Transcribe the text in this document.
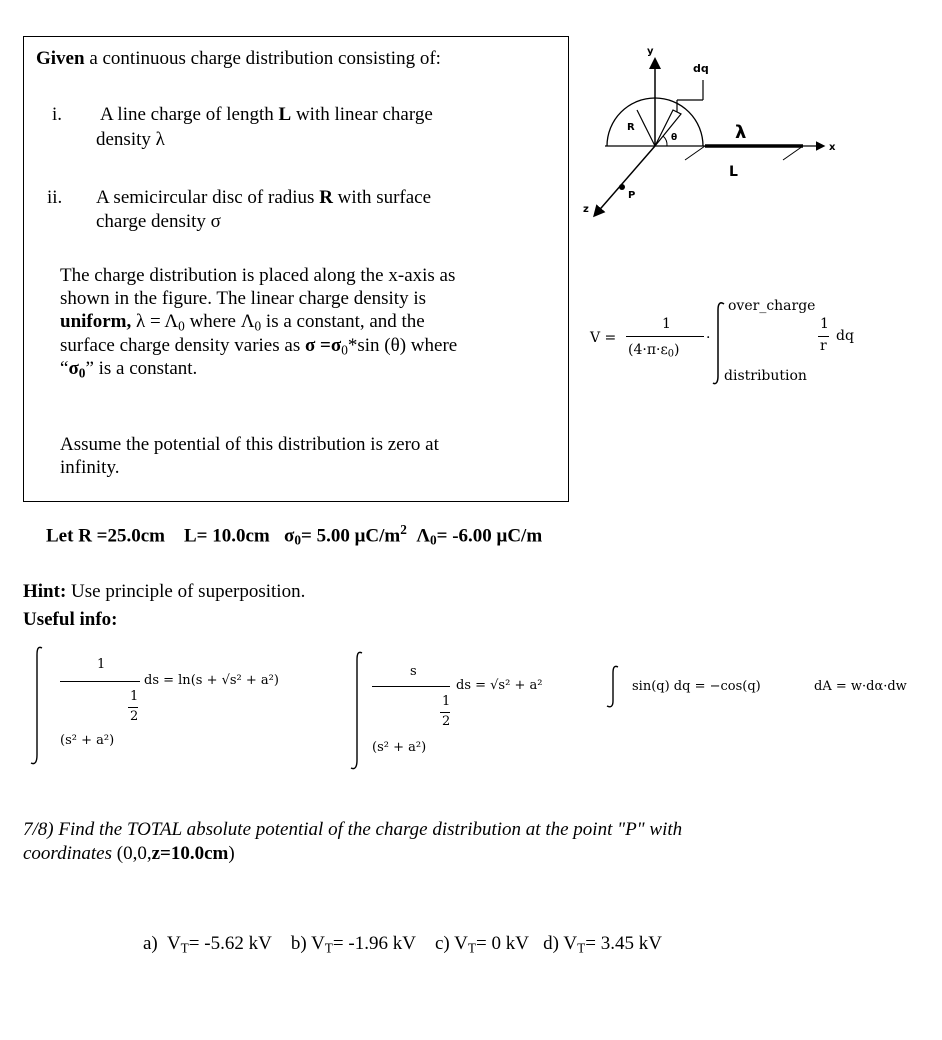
Given a continuous charge distribution consisting of:
i. A line charge of length L with linear charge
density λ
ii. A semicircular disc of radius R with surface
charge density σ
The charge distribution is placed along the x-axis as
shown in the figure. The linear charge density is
uniform, $\lambda = \Lambda_0$ where $\Lambda_0$ is a constant, and the
surface charge density varies as $\sigma =\sigma_0*\sin$ (θ) where
“$\sigma_0$” is a constant.
Assume the potential of this distribution is zero at
infinity.
y
x
z
dq
R
θ	λ
L
P
V =
1
$(4\cdot\pi\cdot\varepsilon_0)$
·
over_charge
distribution
1
r
dq
Let R =25.0cm L= 10.0cm $\sigma_0= 5.00$ $\mu C/m^2$ $\Lambda_0= -6.00$ μC/m
Hint: Use principle of superposition.
Useful info:
1
1
2
(s² + a²)
ds = ln(s + √s² + a²)
s
1
2
(s² + a²)
ds = √s² + a²	sin(q) dq = −cos(q)	dA = w·dα·dw
7/8) Find the TOTAL absolute potential of the charge distribution at the point "P" with
coordinates (0,0,z=10.0cm)
a) $V_T= -5.62$ kV b) $V_T= -1.96$ kV c) $V_T= 0$ kV d) $V_T= 3.45$ kV
